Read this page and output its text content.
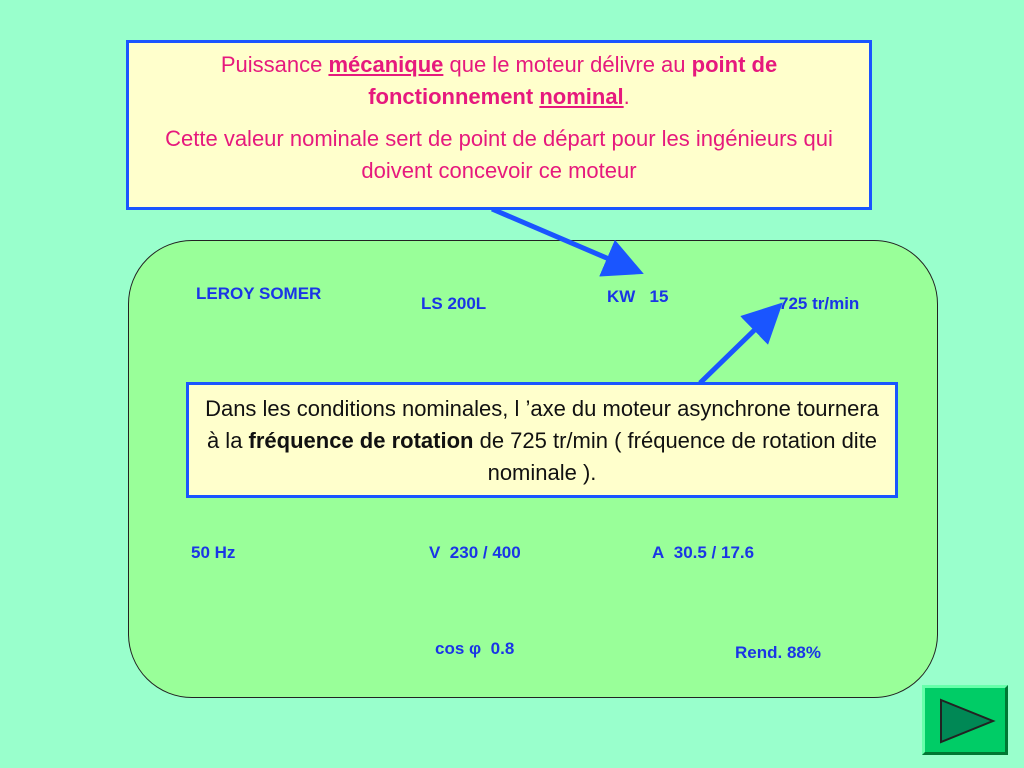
LEROY SOMER
LS 200L	KW 15	725 tr/min
50 Hz	V 230 / 400	A 30.5 / 17.6
cos φ 0.8	Rend. 88%

Puissance mécanique que le moteur délivre au point de fonctionnement nominal.

Cette valeur nominale sert de point de départ pour les ingénieurs qui doivent concevoir ce moteur

Dans les conditions nominales, l ’axe du moteur asynchrone tournera à la fréquence de rotation de 725 tr/min ( fréquence de rotation dite nominale ).
